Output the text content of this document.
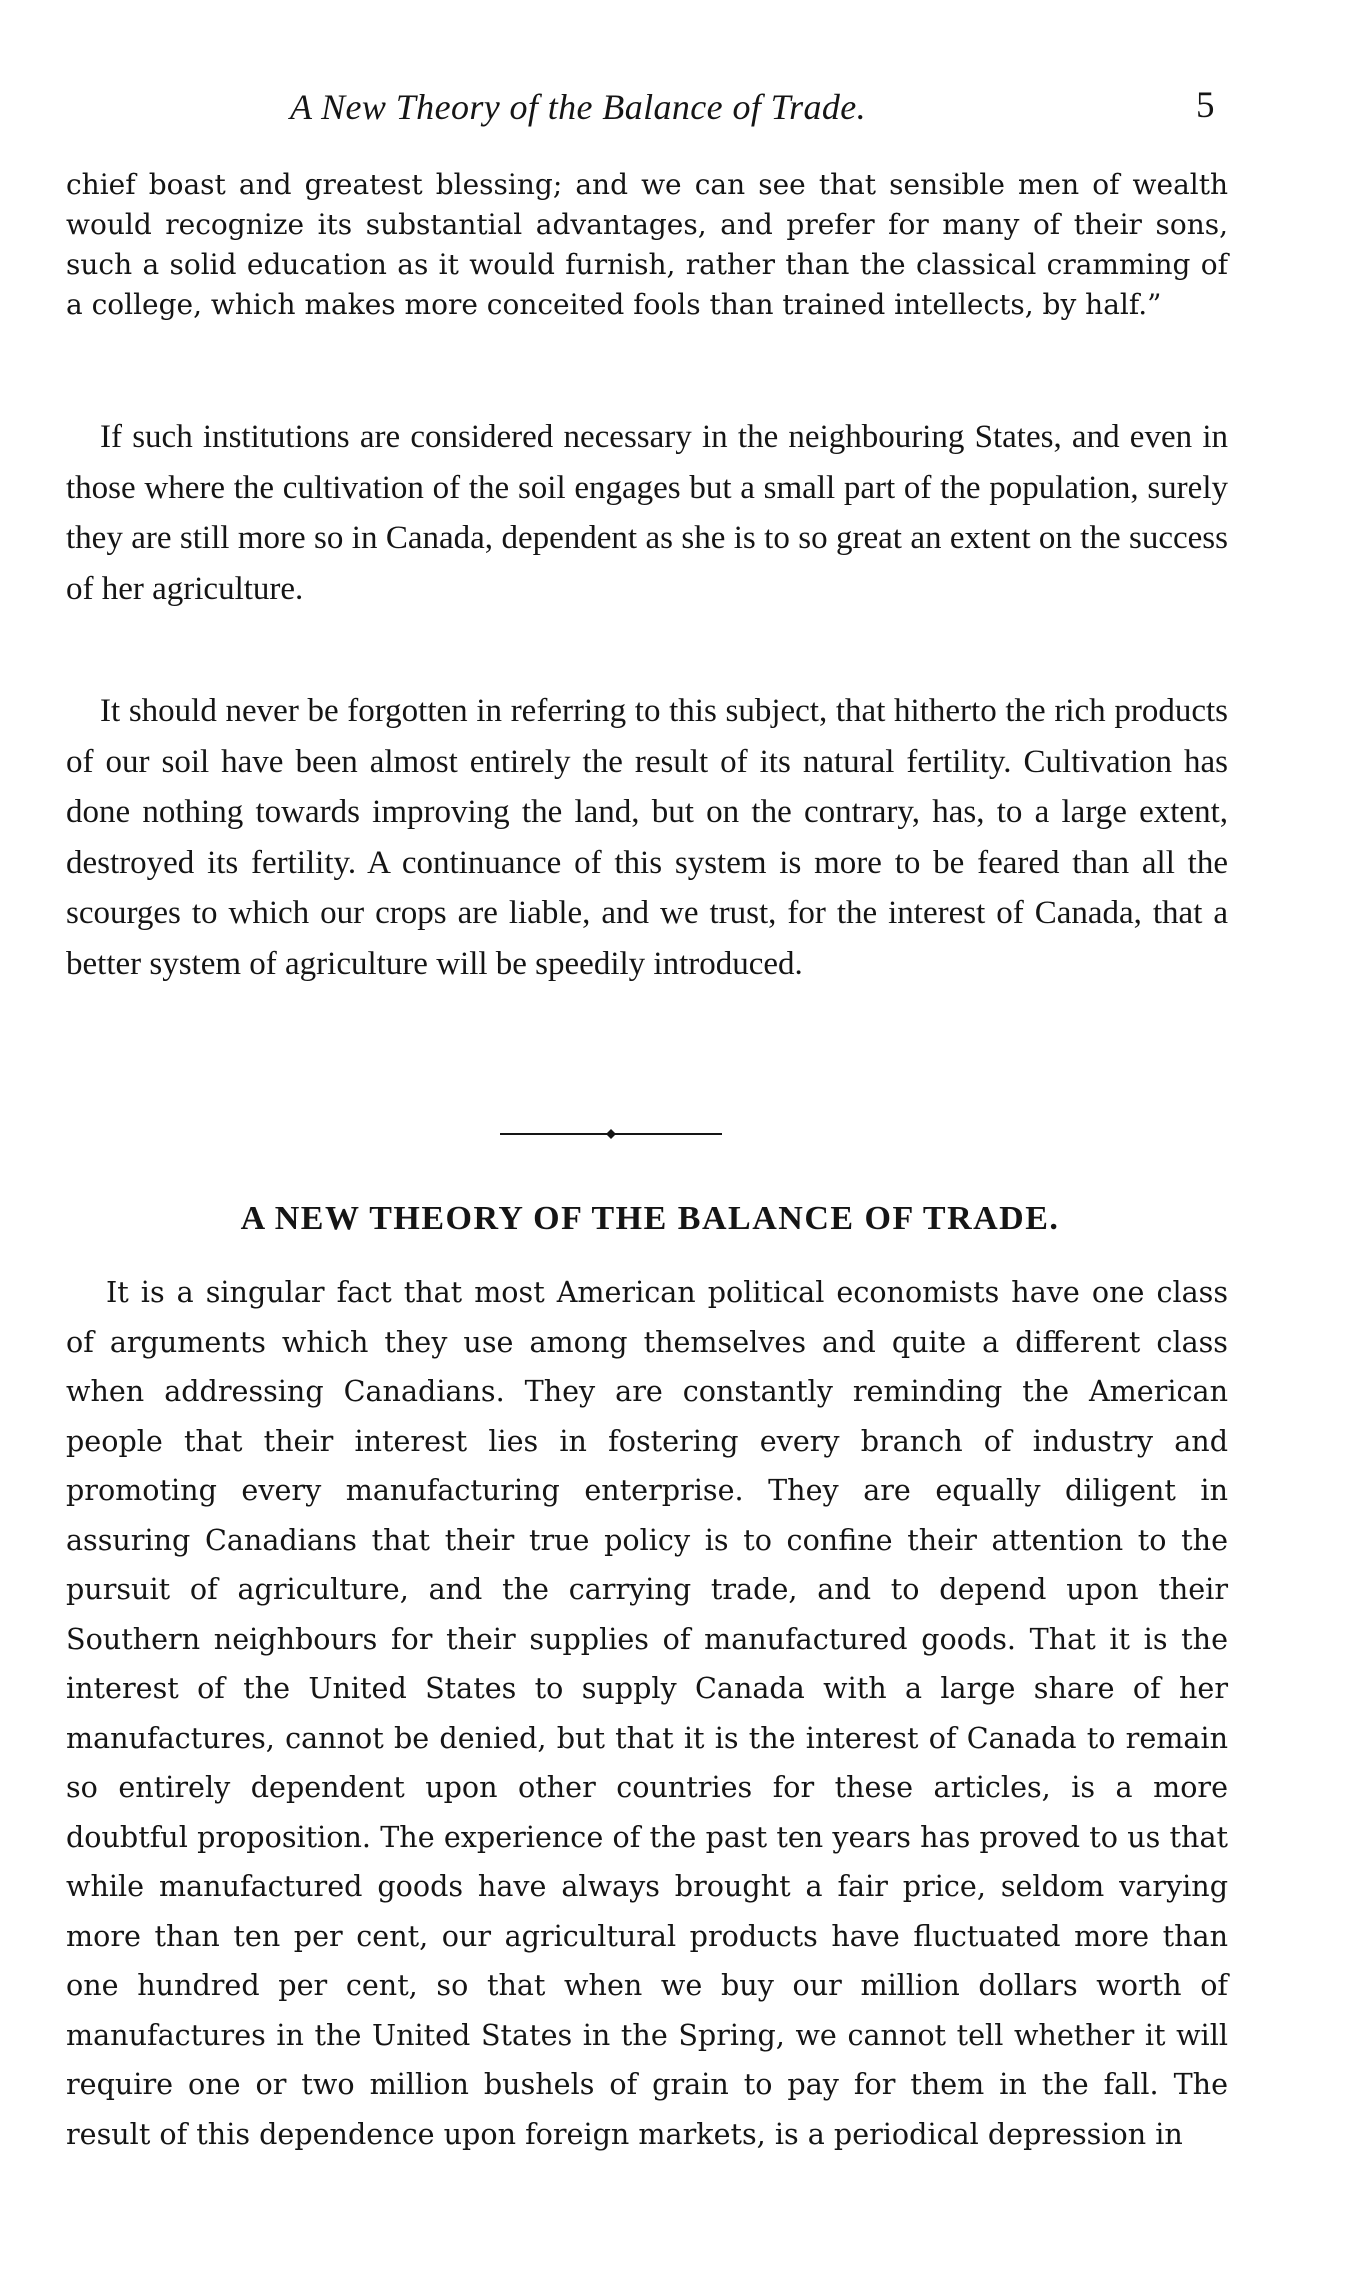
A New Theory of the Balance of Trade.	5

chief boast and greatest blessing; and we can see that sensible men of wealth would recognize its substantial advantages, and prefer for many of their sons, such a solid education as it would furnish, rather than the classical cramming of a college, which makes more conceited fools than trained intellects, by half.”

If such institutions are considered necessary in the neighbouring States, and even in those where the cultivation of the soil engages but a small part of the population, surely they are still more so in Canada, dependent as she is to so great an extent on the success of her agriculture.

It should never be forgotten in referring to this subject, that hitherto the rich products of our soil have been almost entirely the result of its natural fertility. Cultivation has done nothing towards improving the land, but on the contrary, has, to a large extent, destroyed its fertility. A continuance of this system is more to be feared than all the scourges to which our crops are liable, and we trust, for the interest of Canada, that a better system of agriculture will be speedily introduced.

A NEW THEORY OF THE BALANCE OF TRADE.

It is a singular fact that most American political economists have one class of arguments which they use among themselves and quite a different class when addressing Canadians. They are constantly reminding the American people that their interest lies in fostering every branch of industry and promoting every manufacturing enterprise. They are equally diligent in assuring Canadians that their true policy is to confine their attention to the pursuit of agriculture, and the carrying trade, and to depend upon their Southern neighbours for their supplies of manufactured goods. That it is the interest of the United States to supply Canada with a large share of her manufactures, cannot be denied, but that it is the interest of Canada to remain so entirely dependent upon other countries for these articles, is a more doubtful proposition. The experience of the past ten years has proved to us that while manufactured goods have always brought a fair price, seldom varying more than ten per cent, our agricultural products have fluctuated more than one hundred per cent, so that when we buy our million dollars worth of manufactures in the United States in the Spring, we cannot tell whether it will require one or two million bushels of grain to pay for them in the fall. The result of this dependence upon foreign markets, is a periodical depression in
